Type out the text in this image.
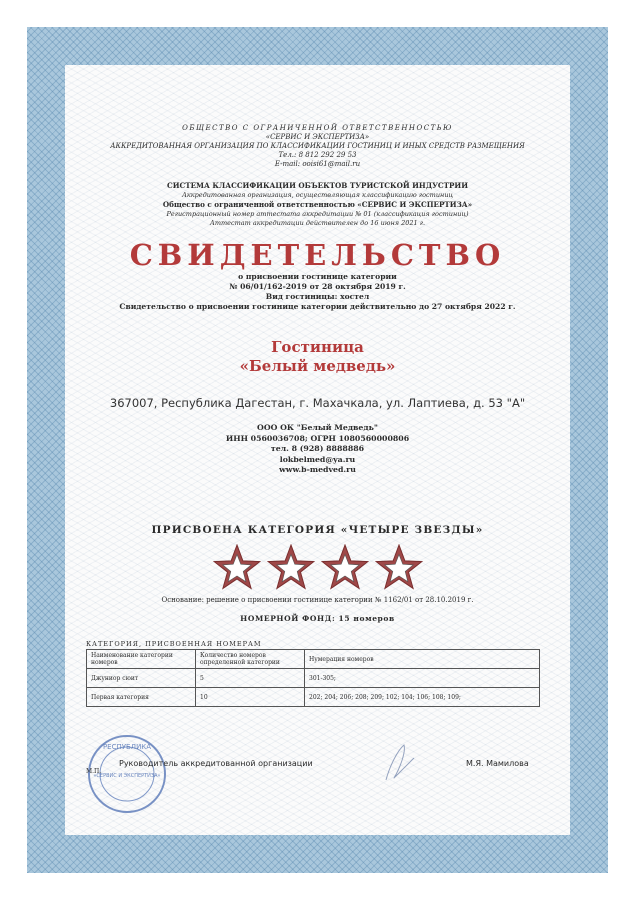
ОБЩЕСТВО С ОГРАНИЧЕННОЙ ОТВЕТСТВЕННОСТЬЮ
«СЕРВИС И ЭКСПЕРТИЗА»
АККРЕДИТОВАННАЯ ОРГАНИЗАЦИЯ ПО КЛАССИФИКАЦИИ ГОСТИНИЦ И ИНЫХ СРЕДСТВ РАЗМЕЩЕНИЯ
Тел.: 8 812 292 29 53
E-mail: ooisi61@mail.ru
СИСТЕМА КЛАССИФИКАЦИИ ОБЪЕКТОВ ТУРИСТСКОЙ ИНДУСТРИИ
Аккредитованная организация, осуществляющая классификацию гостиниц
Общество с ограниченной ответственностью «СЕРВИС И ЭКСПЕРТИЗА»
Регистрационный номер аттестата аккредитации № 01 (классификация гостиниц)
Аттестат аккредитации действителен до 16 июня 2021 г.
СВИДЕТЕЛЬСТВО
о присвоении гостинице категории
№ 06/01/162-2019 от 28 октября 2019 г.
Вид гостиницы: хостел
Свидетельство о присвоении гостинице категории действительно до 27 октября 2022 г.
Гостиница
«Белый медведь»
367007, Республика Дагестан, г. Махачкала, ул. Лаптиева, д. 53 "А"
ООО ОК "Белый Медведь"
ИНН 0560036708; ОГРН 1080560000806
тел. 8 (928) 8888886
lokbelmed@ya.ru
www.b-medved.ru
ПРИСВОЕНА КАТЕГОРИЯ «ЧЕТЫРЕ ЗВЕЗДЫ»
Основание: решение о присвоении гостинице категории № 1162/01 от 28.10.2019 г.
НОМЕРНОЙ ФОНД: 15 номеров
КАТЕГОРИЯ, ПРИСВОЕННАЯ НОМЕРАМ
Наименование категории номеров	Количество номеров определенной категории	Нумерация номеров
Джуниор сюит	5	301-305;
Первая категория	10	202; 204; 206; 208; 209; 102; 104; 106; 108; 109;
РЕСПУБЛИКА
«СЕРВИС И ЭКСПЕРТИЗА»
М.П.
Руководитель аккредитованной организации	М.Я. Мамилова
